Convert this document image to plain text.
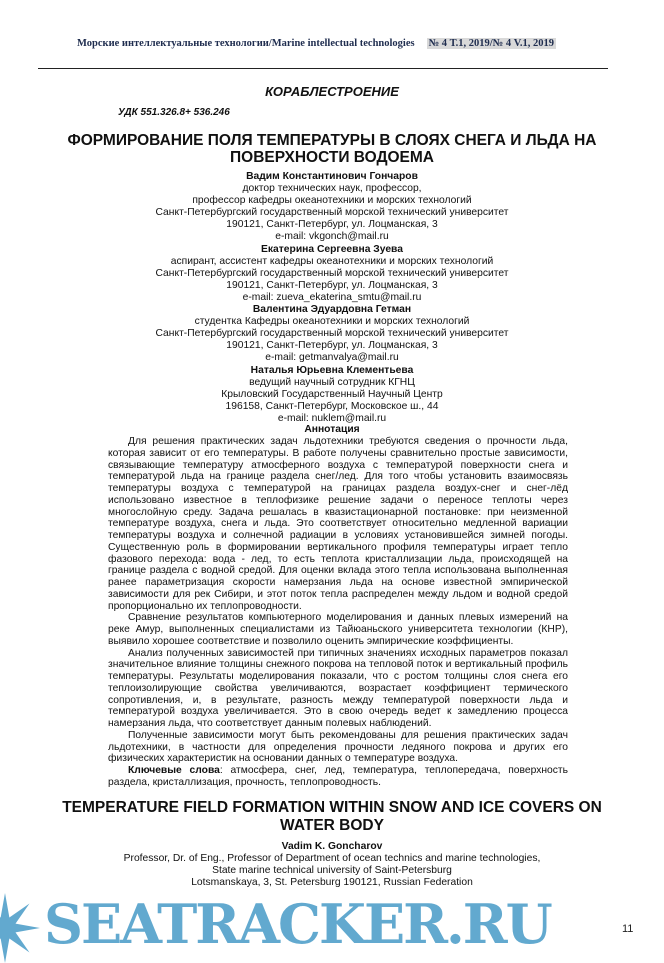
Морские интеллектуальные технологии/Marine intellectual technologies № 4 Т.1, 2019/№ 4 V.1, 2019
КОРАБЛЕСТРОЕНИЕ
УДК 551.326.8+ 536.246
ФОРМИРОВАНИЕ ПОЛЯ ТЕМПЕРАТУРЫ В СЛОЯХ СНЕГА И ЛЬДА НА
ПОВЕРХНОСТИ ВОДОЕМА
Вадим Константинович Гончаров
доктор технических наук, профессор,
профессор кафедры океанотехники и морских технологий
Санкт-Петербургский государственный морской технический университет
190121, Санкт-Петербург, ул. Лоцманская, 3
e-mail: vkgonch@mail.ru
Екатерина Сергеевна Зуева
аспирант, ассистент кафедры океанотехники и морских технологий
Санкт-Петербургский государственный морской технический университет
190121, Санкт-Петербург, ул. Лоцманская, 3
e-mail: zueva_ekaterina_smtu@mail.ru
Валентина Эдуардовна Гетман
студентка Кафедры океанотехники и морских технологий
Санкт-Петербургский государственный морской технический университет
190121, Санкт-Петербург, ул. Лоцманская, 3
e-mail: getmanvalya@mail.ru
Наталья Юрьевна Клементьева
ведущий научный сотрудник КГНЦ
Крыловский Государственный Научный Центр
196158, Санкт-Петербург, Московское ш., 44
e-mail: nuklem@mail.ru
Аннотация

Для решения практических задач льдотехники требуются сведения о прочности льда, которая зависит от его температуры. В работе получены сравнительно простые зависимости, связывающие температуру атмосферного воздуха с температурой поверхности снега и температурой льда на границе раздела снег/лед. Для того чтобы установить взаимосвязь температуры воздуха с температурой на границах раздела воздух-снег и снег-лёд использовано известное в теплофизике решение задачи о переносе теплоты через многослойную среду. Задача решалась в квазистационарной постановке: при неизменной температуре воздуха, снега и льда. Это соответствует относительно медленной вариации температуры воздуха и солнечной радиации в условиях установившейся зимней погоды. Существенную роль в формировании вертикального профиля температуры играет тепло фазового перехода: вода - лед, то есть теплота кристаллизации льда, происходящей на границе раздела с водной средой. Для оценки вклада этого тепла использована выполненная ранее параметризация скорости намерзания льда на основе известной эмпирической зависимости для рек Сибири, и этот поток тепла распределен между льдом и водной средой пропорционально их теплопроводности.

Сравнение результатов компьютерного моделирования и данных плевых измерений на реке Амур, выполненных специалистами из Тайюаньского университета технологии (КНР), выявило хорошее соответствие и позволило оценить эмпирические коэффициенты.

Анализ полученных зависимостей при типичных значениях исходных параметров показал значительное влияние толщины снежного покрова на тепловой поток и вертикальный профиль температуры. Результаты моделирования показали, что с ростом толщины слоя снега его теплоизолирующие свойства увеличиваются, возрастает коэффициент термического сопротивления, и, в результате, разность между температурой поверхности льда и температурой воздуха увеличивается. Это в свою очередь ведет к замедлению процесса намерзания льда, что соответствует данным полевых наблюдений.

Полученные зависимости могут быть рекомендованы для решения практических задач льдотехники, в частности для определения прочности ледяного покрова и других его физических характеристик на основании данных о температуре воздуха.

Ключевые слова: атмосфера, снег, лед, температура, теплопередача, поверхность раздела, кристаллизация, прочность, теплопроводность.

TEMPERATURE FIELD FORMATION WITHIN SNOW AND ICE COVERS ON
WATER BODY
Vadim K. Goncharov
Professor, Dr. of Eng., Professor of Department of ocean technics and marine technologies,
State marine technical university of Saint-Petersburg
Lotsmanskaya, 3, St. Petersburg 190121, Russian Federation
SEATRACKER.RU	11
